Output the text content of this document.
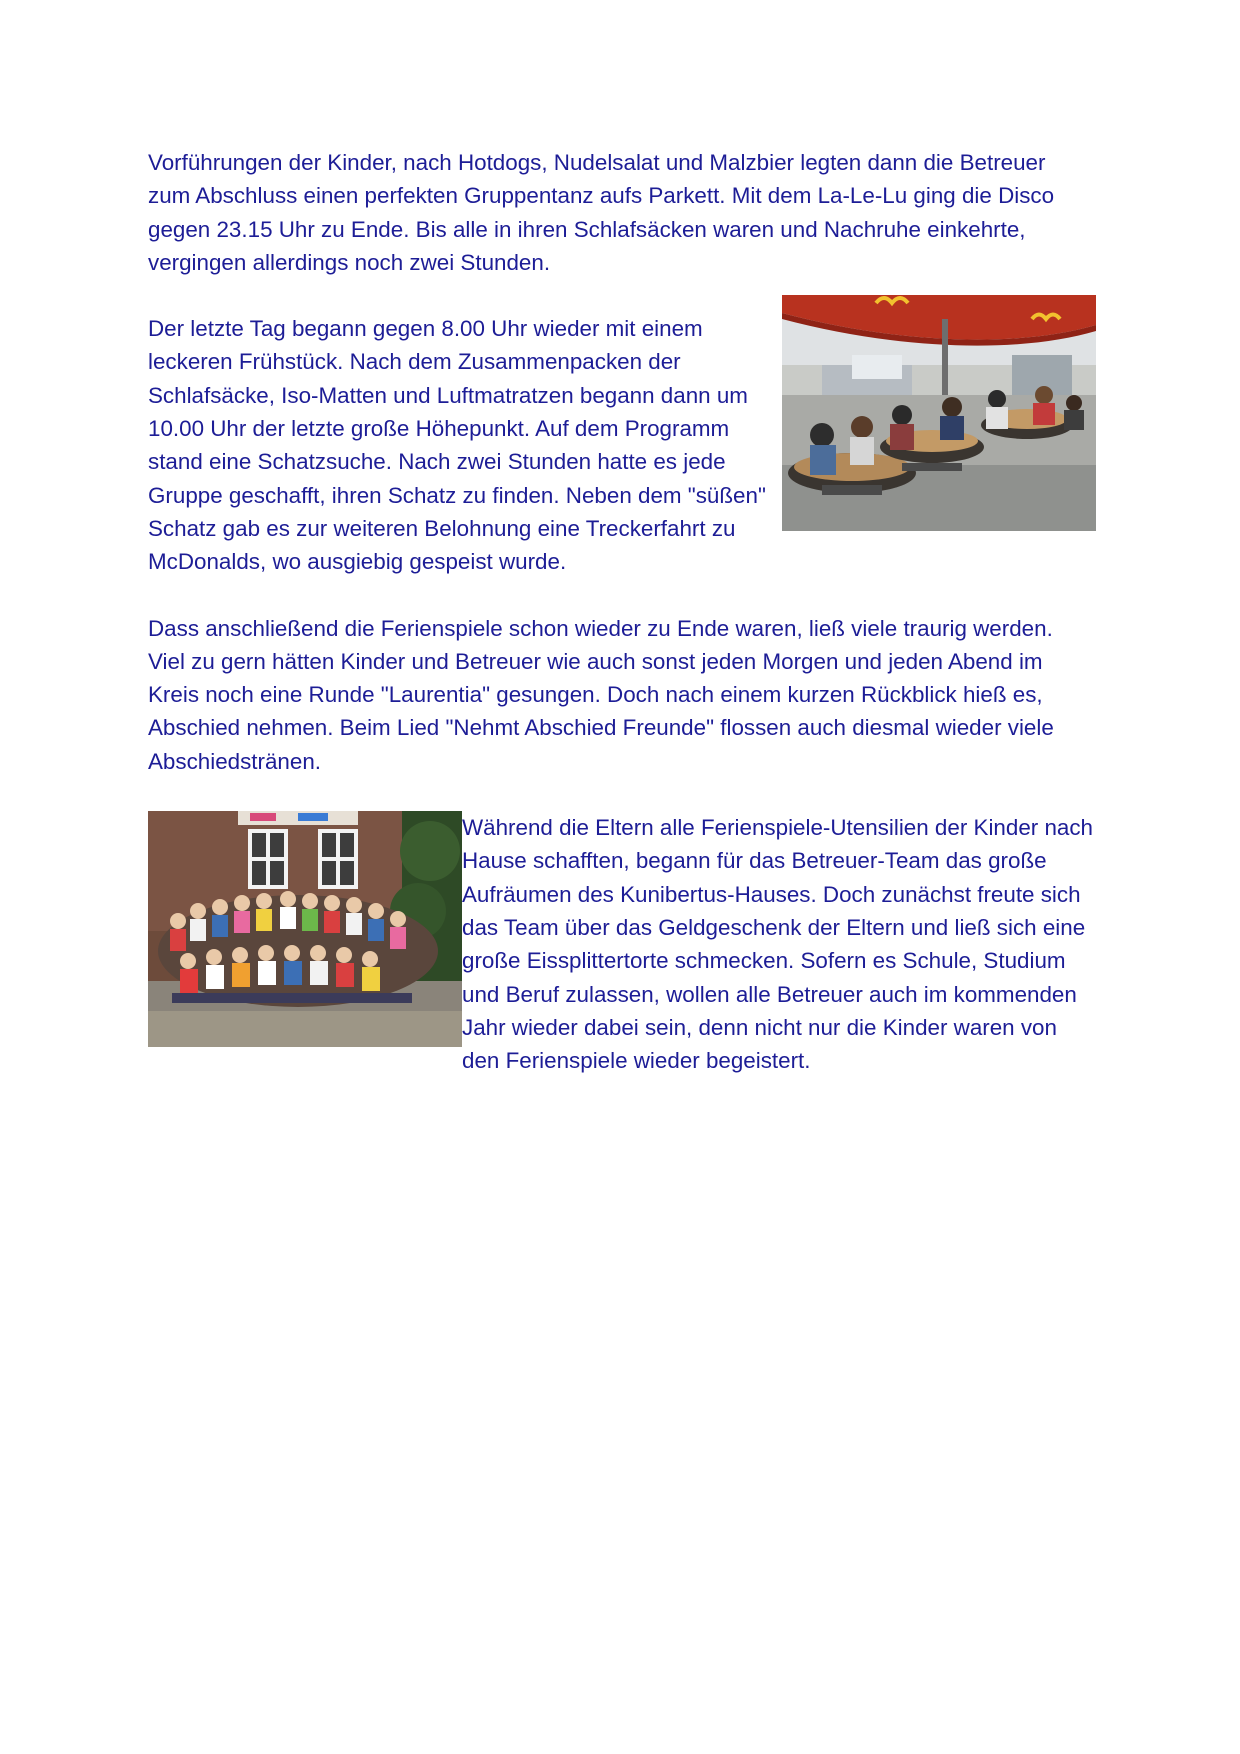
Vorführungen der Kinder, nach Hotdogs, Nudelsalat und Malzbier legten dann die Betreuer zum Abschluss einen perfekten Gruppentanz aufs Parkett. Mit dem La-Le-Lu ging die Disco gegen 23.15 Uhr zu Ende. Bis alle in ihren Schlafsäcken waren und Nachruhe einkehrte, vergingen allerdings noch zwei Stunden.

Der letzte Tag begann gegen 8.00 Uhr wieder mit einem leckeren Frühstück. Nach dem Zusammenpacken der Schlafsäcke, Iso-Matten und Luftmatratzen begann dann um 10.00 Uhr der letzte große Höhepunkt. Auf dem Programm stand eine Schatzsuche. Nach zwei Stunden hatte es jede Gruppe geschafft, ihren Schatz zu finden. Neben dem "süßen" Schatz gab es zur weiteren Belohnung eine Treckerfahrt zu McDonalds, wo ausgiebig gespeist wurde.

Dass anschließend die Ferienspiele schon wieder zu Ende waren, ließ viele traurig werden. Viel zu gern hätten Kinder und Betreuer wie auch sonst jeden Morgen und jeden Abend im Kreis noch eine Runde "Laurentia" gesungen. Doch nach einem kurzen Rückblick hieß es, Abschied nehmen. Beim Lied "Nehmt Abschied Freunde" flossen auch diesmal wieder viele Abschiedstränen.

Während die Eltern alle Ferienspiele-Utensilien der Kinder nach Hause schafften, begann für das Betreuer-Team das große Aufräumen des Kunibertus-Hauses. Doch zunächst freute sich das Team über das Geldgeschenk der Eltern und ließ sich eine große Eissplittertorte schmecken. Sofern es Schule, Studium und Beruf zulassen, wollen alle Betreuer auch im kommenden Jahr wieder dabei sein, denn nicht nur die Kinder waren von den Ferienspiele wieder begeistert.
